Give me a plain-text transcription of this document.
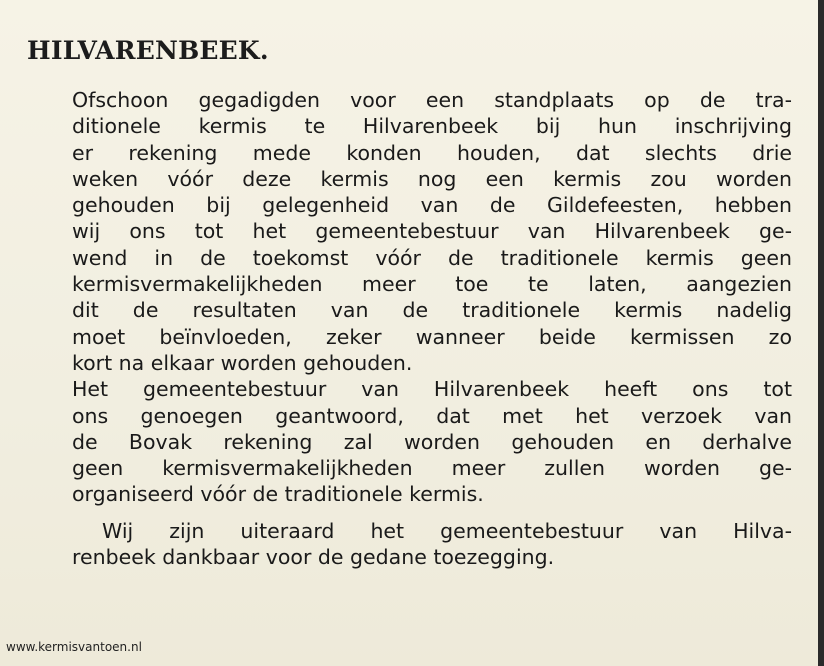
HILVARENBEEK.
Ofschoon gegadigden voor een standplaats op de tra-
ditionele kermis te Hilvarenbeek bij hun inschrijving
er rekening mede konden houden, dat slechts drie
weken vóór deze kermis nog een kermis zou worden
gehouden bij gelegenheid van de Gildefeesten, hebben
wij ons tot het gemeentebestuur van Hilvarenbeek ge-
wend in de toekomst vóór de traditionele kermis geen
kermisvermakelijkheden meer toe te laten, aangezien
dit de resultaten van de traditionele kermis nadelig
moet beïnvloeden, zeker wanneer beide kermissen zo
kort na elkaar worden gehouden.
Het gemeentebestuur van Hilvarenbeek heeft ons tot
ons genoegen geantwoord, dat met het verzoek van
de Bovak rekening zal worden gehouden en derhalve
geen kermisvermakelijkheden meer zullen worden ge-
organiseerd vóór de traditionele kermis.
Wij zijn uiteraard het gemeentebestuur van Hilva-
renbeek dankbaar voor de gedane toezegging.
www.kermisvantoen.nl
